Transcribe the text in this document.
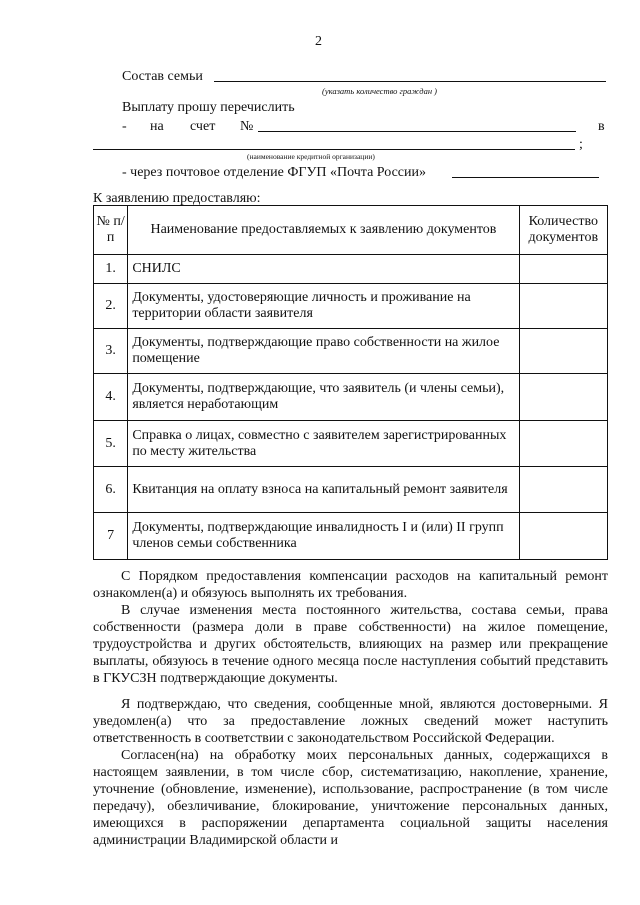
2
Состав семьи
(указать количество граждан )
Выплату прошу перечислить
- на счет №	в
;
(наименование кредитной организации)
- через почтовое отделение ФГУП «Почта России»
К заявлению предоставляю:
№ п/п	Наименование предоставляемых к заявлению документов	Количество документов
1.	СНИЛС	
2.	Документы, удостоверяющие личность и проживание на территории области заявителя	
3.	Документы, подтверждающие право собственности на жилое помещение	
4.	Документы, подтверждающие, что заявитель (и члены семьи), является неработающим	
5.	Справка о лицах, совместно с заявителем зарегистрированных по месту жительства	
6.	Квитанция на оплату взноса на капитальный ремонт заявителя	
7	Документы, подтверждающие инвалидность I и (или) II групп членов семьи собственника	

С Порядком предоставления компенсации расходов на капитальный ремонт ознакомлен(а) и обязуюсь выполнять их требования.

В случае изменения места постоянного жительства, состава семьи, права собственности (размера доли в праве собственности) на жилое помещение, трудоустройства и других обстоятельств, влияющих на размер или прекращение выплаты, обязуюсь в течение одного месяца после наступления событий представить в ГКУСЗН подтверждающие документы.

Я подтверждаю, что сведения, сообщенные мной, являются достоверными. Я уведомлен(а) что за предоставление ложных сведений может наступить ответственность в соответствии с законодательством Российской Федерации.

Согласен(на) на обработку моих персональных данных, содержащихся в настоящем заявлении, в том числе сбор, систематизацию, накопление, хранение, уточнение (обновление, изменение), использование, распространение (в том числе передачу), обезличивание, блокирование, уничтожение персональных данных, имеющихся в распоряжении департамента социальной защиты населения администрации Владимирской области и
